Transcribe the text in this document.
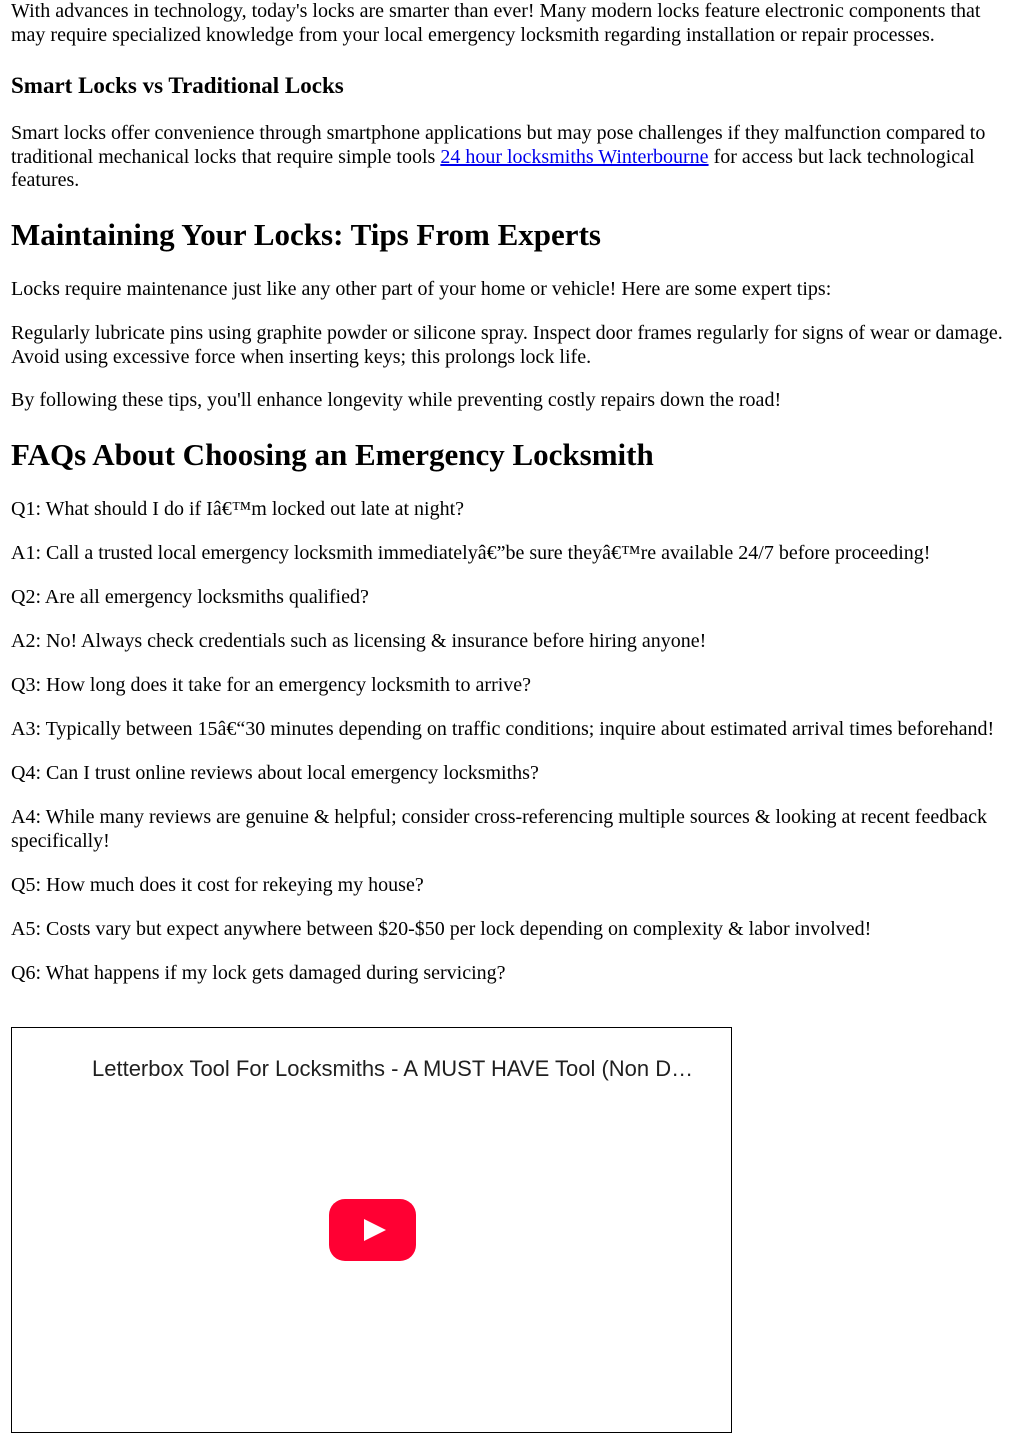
With advances in technology, today's locks are smarter than ever! Many modern locks feature electronic components that may require specialized knowledge from your local emergency locksmith regarding installation or repair processes.

Smart Locks vs Traditional Locks

Smart locks offer convenience through smartphone applications but may pose challenges if they malfunction compared to traditional mechanical locks that require simple tools 24 hour locksmiths Winterbourne for access but lack technological features.

Maintaining Your Locks: Tips From Experts

Locks require maintenance just like any other part of your home or vehicle! Here are some expert tips:

Regularly lubricate pins using graphite powder or silicone spray. Inspect door frames regularly for signs of wear or damage. Avoid using excessive force when inserting keys; this prolongs lock life.

By following these tips, you'll enhance longevity while preventing costly repairs down the road!

FAQs About Choosing an Emergency Locksmith

Q1: What should I do if Iâ€™m locked out late at night?

A1: Call a trusted local emergency locksmith immediatelyâ€”be sure theyâ€™re available 24/7 before proceeding!

Q2: Are all emergency locksmiths qualified?

A2: No! Always check credentials such as licensing & insurance before hiring anyone!

Q3: How long does it take for an emergency locksmith to arrive?

A3: Typically between 15â€“30 minutes depending on traffic conditions; inquire about estimated arrival times beforehand!

Q4: Can I trust online reviews about local emergency locksmiths?

A4: While many reviews are genuine & helpful; consider cross-referencing multiple sources & looking at recent feedback specifically!

Q5: How much does it cost for rekeying my house?

A5: Costs vary but expect anywhere between $20-$50 per lock depending on complexity & labor involved!

Q6: What happens if my lock gets damaged during servicing?

Letterbox Tool For Locksmiths - A MUST HAVE Tool (Non D…
